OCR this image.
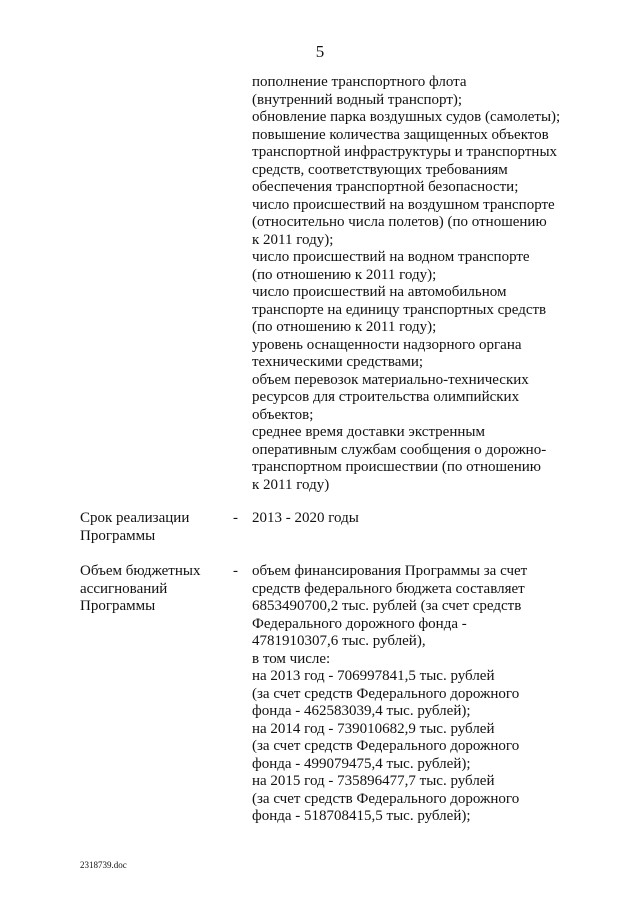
5
пополнение транспортного флота
(внутренний водный транспорт);
обновление парка воздушных судов (самолеты);
повышение количества защищенных объектов
транспортной инфраструктуры и транспортных
средств, соответствующих требованиям
обеспечения транспортной безопасности;
число происшествий на воздушном транспорте
(относительно числа полетов) (по отношению
к 2011 году);
число происшествий на водном транспорте
(по отношению к 2011 году);
число происшествий на автомобильном
транспорте на единицу транспортных средств
(по отношению к 2011 году);
уровень оснащенности надзорного органа
техническими средствами;
объем перевозок материально-технических
ресурсов для строительства олимпийских
объектов;
среднее время доставки экстренным
оперативным службам сообщения о дорожно-
транспортном происшествии (по отношению
к 2011 году)
Срок реализации
Программы
- 2013 - 2020 годы
Объем бюджетных
ассигнований
Программы
- объем финансирования Программы за счет
средств федерального бюджета составляет
6853490700,2 тыс. рублей (за счет средств
Федерального дорожного фонда -
4781910307,6 тыс. рублей),
в том числе:
на 2013 год - 706997841,5 тыс. рублей
(за счет средств Федерального дорожного
фонда - 462583039,4 тыс. рублей);
на 2014 год - 739010682,9 тыс. рублей
(за счет средств Федерального дорожного
фонда - 499079475,4 тыс. рублей);
на 2015 год - 735896477,7 тыс. рублей
(за счет средств Федерального дорожного
фонда - 518708415,5 тыс. рублей);
2318739.doc
